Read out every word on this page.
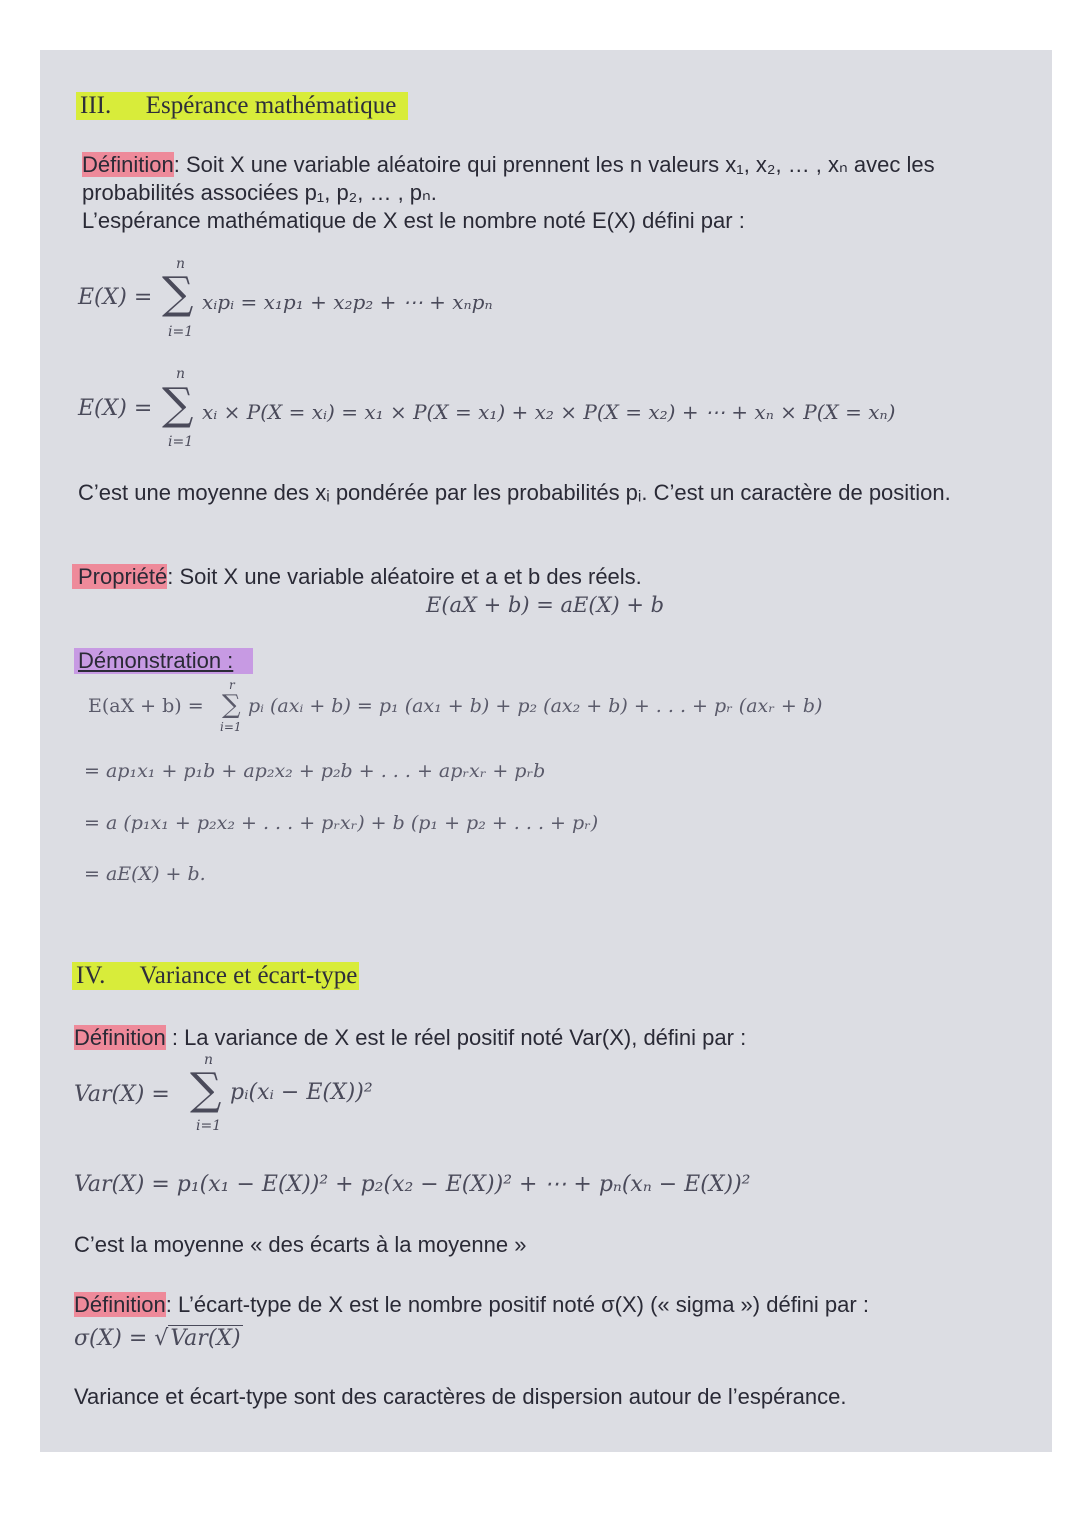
III. Espérance mathématique
Définition: Soit X une variable aléatoire qui prennent les n valeurs x₁, x₂, … , xₙ avec les
probabilités associées p₁, p₂, … , pₙ.
L’espérance mathématique de X est le nombre noté E(X) défini par :
E(X) =
n
∑
i=1
xᵢpᵢ = x₁p₁ + x₂p₂ + ⋯ + xₙpₙ
E(X) =
n
∑
i=1
xᵢ × P(X = xᵢ) = x₁ × P(X = x₁) + x₂ × P(X = x₂) + ⋯ + xₙ × P(X = xₙ)
C’est une moyenne des xᵢ pondérée par les probabilités pᵢ. C’est un caractère de position.
Propriété: Soit X une variable aléatoire et a et b des réels.
E(aX + b) = aE(X) + b
Démonstration :
E(aX + b) =
r
∑
i=1
pᵢ (axᵢ + b) = p₁ (ax₁ + b) + p₂ (ax₂ + b) + . . . + pᵣ (axᵣ + b)
= ap₁x₁ + p₁b + ap₂x₂ + p₂b + . . . + apᵣxᵣ + pᵣb
= a (p₁x₁ + p₂x₂ + . . . + pᵣxᵣ) + b (p₁ + p₂ + . . . + pᵣ)
= aE(X) + b.
IV. Variance et écart-type
Définition : La variance de X est le réel positif noté Var(X), défini par :
Var(X) =
n
∑
i=1
pᵢ(xᵢ − E(X))²
Var(X) = p₁(x₁ − E(X))² + p₂(x₂ − E(X))² + ⋯ + pₙ(xₙ − E(X))²
C’est la moyenne « des écarts à la moyenne »
Définition: L’écart-type de X est le nombre positif noté σ(X) (« sigma ») défini par :
σ(X) = √Var(X)
Variance et écart-type sont des caractères de dispersion autour de l’espérance.
